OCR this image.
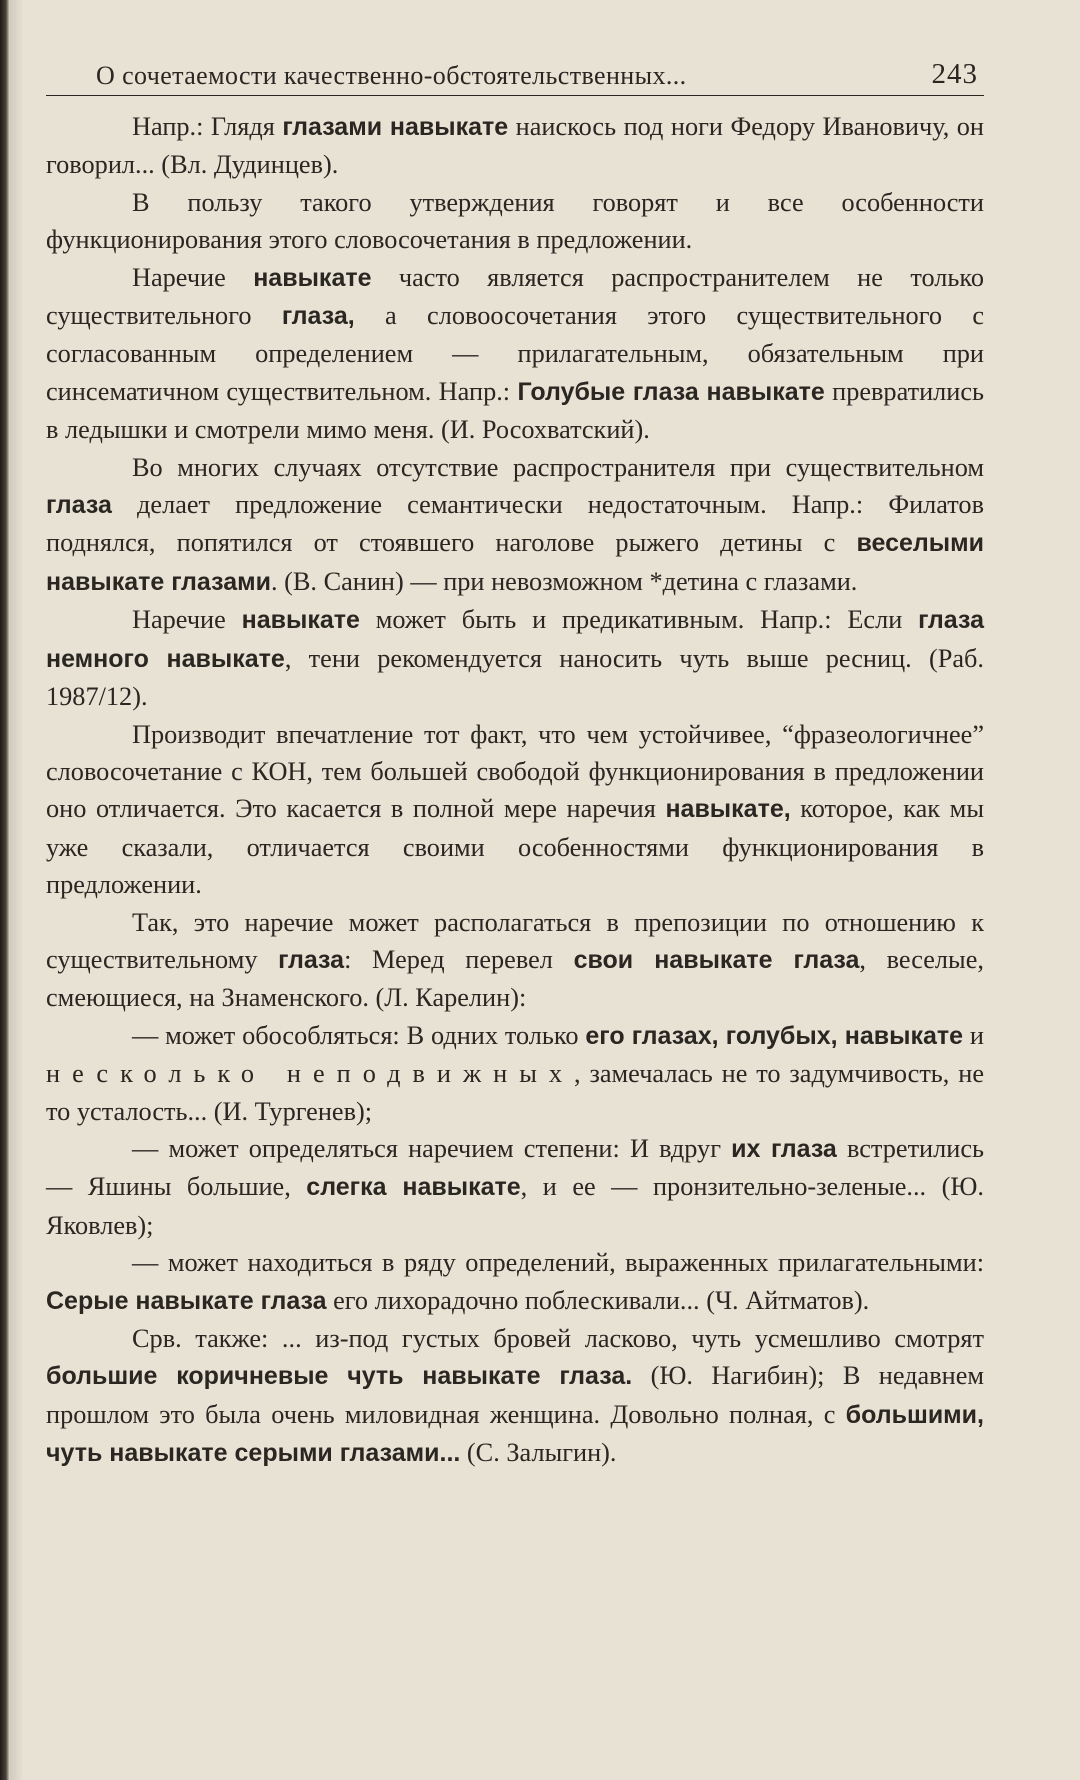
О сочетаемости качественно-обстоятельственных...	243

Напр.: Глядя глазами навыкате наискось под ноги Федору Ивановичу, он говорил... (Вл. Дудинцев).

В пользу такого утверждения говорят и все особенности функционирования этого словосочетания в предложении.

Наречие навыкате часто является распространителем не только существительного глаза, а словоосочетания этого существительного с согласованным определением — прилагательным, обязательным при синсематичном существительном. Напр.: Голубые глаза навыкате превратились в ледышки и смотрели мимо меня. (И. Росохватский).

Во многих случаях отсутствие распространителя при существительном глаза делает предложение семантически недостаточным. Напр.: Филатов поднялся, попятился от стоявшего наголове рыжего детины с веселыми навыкате глазами. (В. Санин) — при невозможном *детина с глазами.

Наречие навыкате может быть и предикативным. Напр.: Если глаза немного навыкате, тени рекомендуется наносить чуть выше ресниц. (Раб. 1987/12).

Производит впечатление тот факт, что чем устойчивее, “фразеологичнее” словосочетание с КОН, тем большей свободой функционирования в предложении оно отличается. Это касается в полной мере наречия навыкате, которое, как мы уже сказали, отличается своими особенностями функционирования в предложении.

Так, это наречие может располагаться в препозиции по отношению к существительному глаза: Меред перевел свои навыкате глаза, веселые, смеющиеся, на Знаменского. (Л. Карелин):

— может обособляться: В одних только его глазах, голубых, навыкате и несколько неподвижных, замечалась не то задумчивость, не то усталость... (И. Тургенев);

— может определяться наречием степени: И вдруг их глаза встретились — Яшины большие, слегка навыкате, и ее — пронзительно-зеленые... (Ю. Яковлев);

— может находиться в ряду определений, выраженных прилагательными: Серые навыкате глаза его лихорадочно поблескивали... (Ч. Айтматов).

Срв. также: ... из-под густых бровей ласково, чуть усмешливо смотрят большие коричневые чуть навыкате глаза. (Ю. Нагибин); В недавнем прошлом это была очень миловидная женщина. Довольно полная, с большими, чуть навыкате серыми глазами... (С. Залыгин).
